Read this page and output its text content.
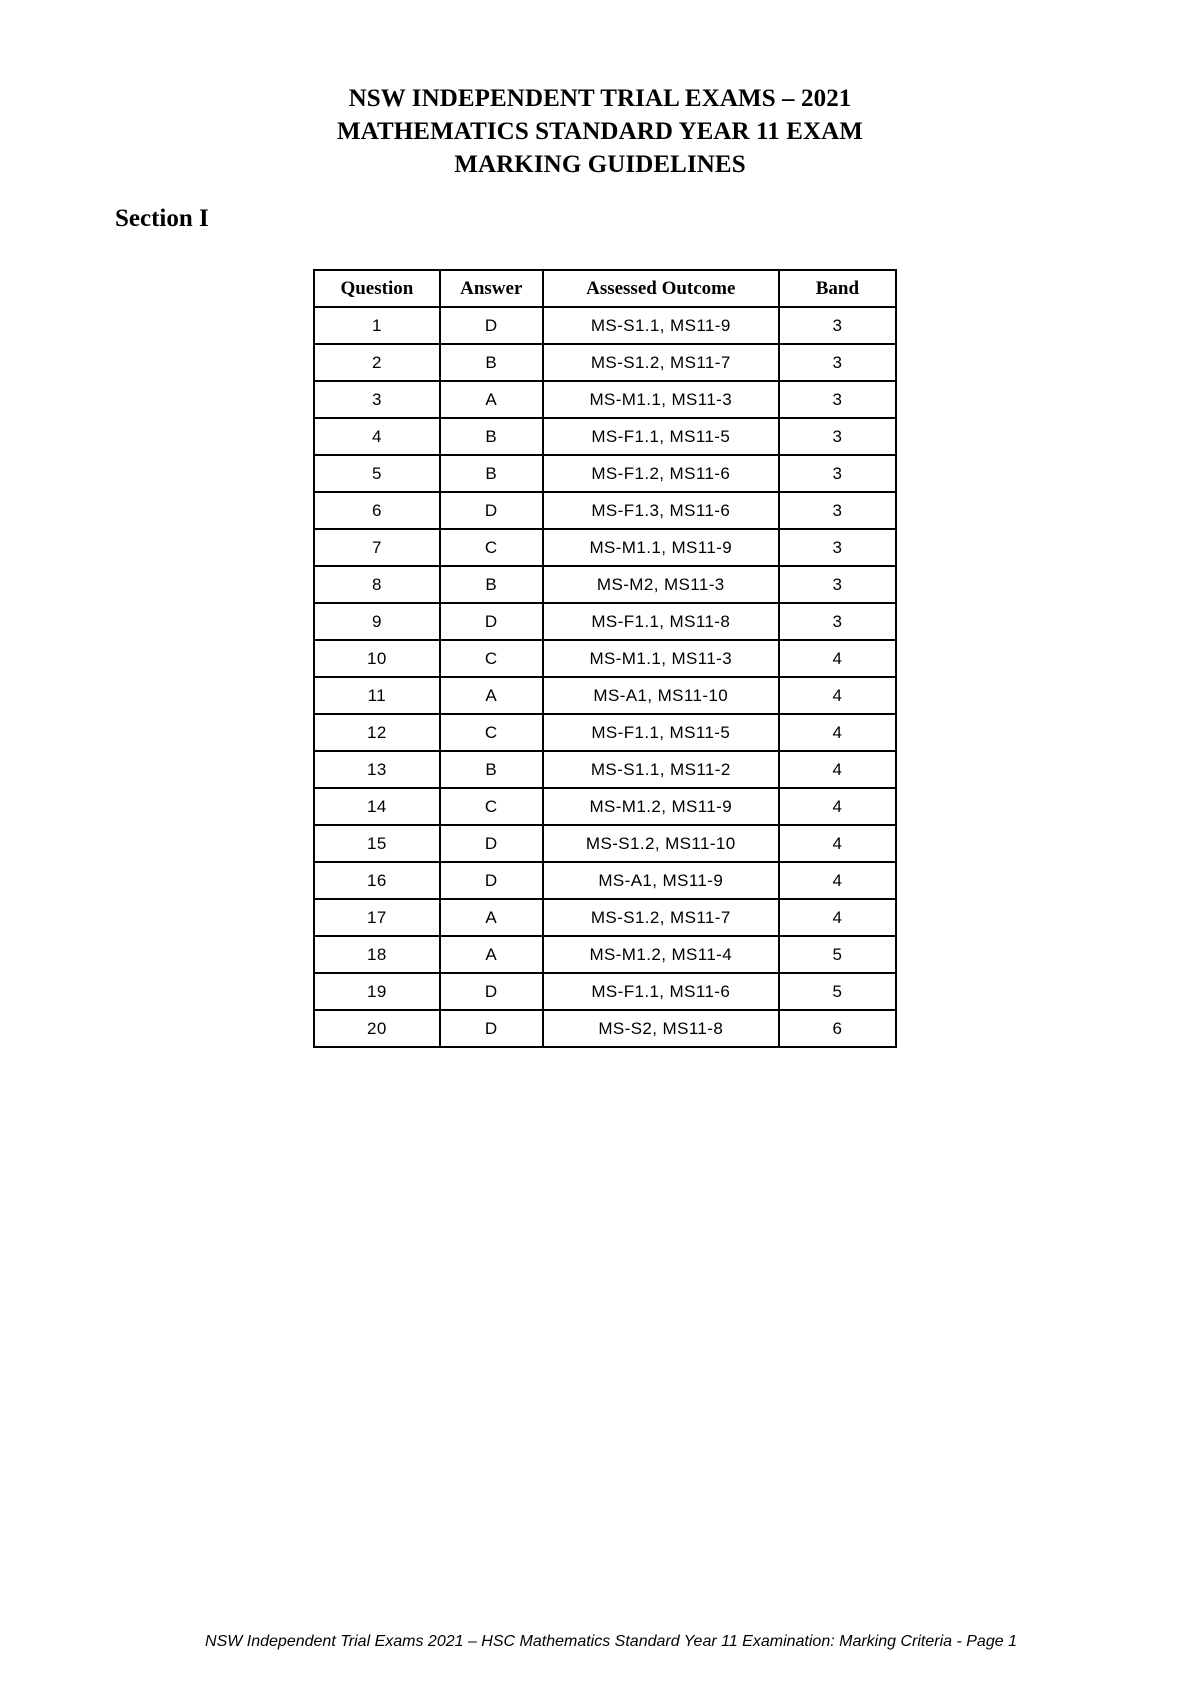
NSW INDEPENDENT TRIAL EXAMS – 2021
MATHEMATICS STANDARD YEAR 11 EXAM
MARKING GUIDELINES
Section I
Question	Answer	Assessed Outcome	Band
1	D	MS-S1.1, MS11-9	3
2	B	MS-S1.2, MS11-7	3
3	A	MS-M1.1, MS11-3	3
4	B	MS-F1.1, MS11-5	3
5	B	MS-F1.2, MS11-6	3
6	D	MS-F1.3, MS11-6	3
7	C	MS-M1.1, MS11-9	3
8	B	MS-M2, MS11-3	3
9	D	MS-F1.1, MS11-8	3
10	C	MS-M1.1, MS11-3	4
11	A	MS-A1, MS11-10	4
12	C	MS-F1.1, MS11-5	4
13	B	MS-S1.1, MS11-2	4
14	C	MS-M1.2, MS11-9	4
15	D	MS-S1.2, MS11-10	4
16	D	MS-A1, MS11-9	4
17	A	MS-S1.2, MS11-7	4
18	A	MS-M1.2, MS11-4	5
19	D	MS-F1.1, MS11-6	5
20	D	MS-S2, MS11-8	6
NSW Independent Trial Exams 2021 – HSC Mathematics Standard Year 11 Examination: Marking Criteria - Page 1
